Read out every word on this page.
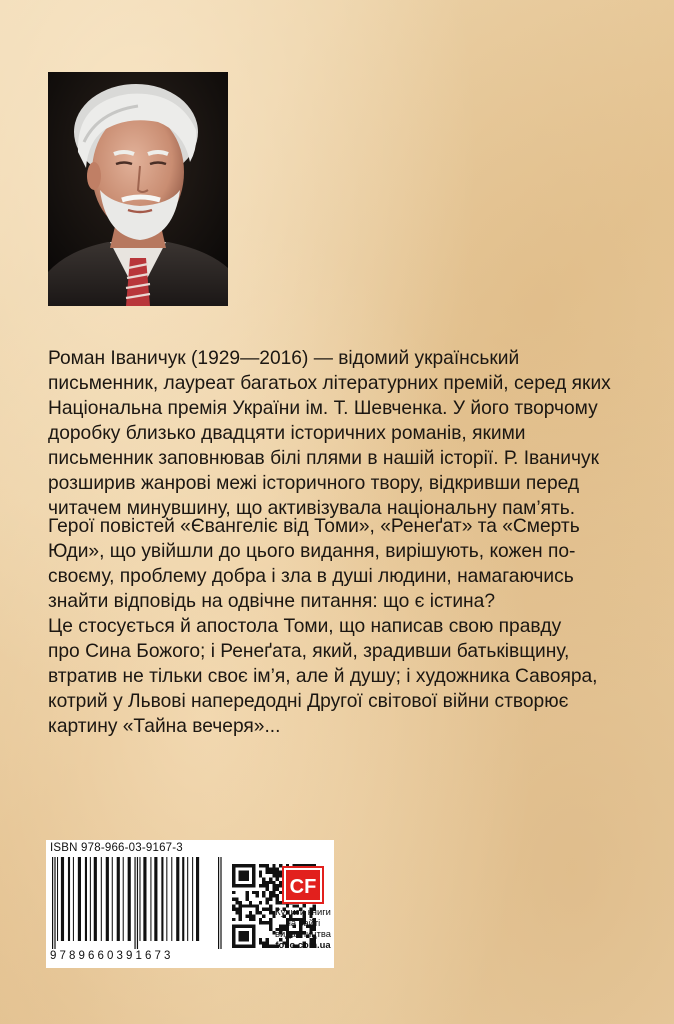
Роман Іваничук (1929—2016) — відомий український
письменник, лауреат багатьох літературних премій, серед яких
Національна премія України ім. Т. Шевченка. У його творчому
доробку близько двадцяти історичних романів, якими
письменник заповнював білі плями в нашій історії. Р. Іваничук
розширив жанрові межі історичного твору, відкривши перед
читачем минувшину, що активізувала національну пам’ять.

Герої повістей «Євангеліє від Томи», «Ренеґат» та «Смерть
Юди», що увійшли до цього видання, вирішують, кожен по-
своєму, проблему добра і зла в душі людини, намагаючись
знайти відповідь на одвічне питання: що є істина?
Це стосується й апостола Томи, що написав свою правду
про Сина Божого; і Ренеґата, який, зрадивши батьківщину,
втратив не тільки своє ім’я, але й душу; і художника Савояра,
котрий у Львові напередодні Другої світової війни створює
картину «Тайна вечеря»...

ISBN 978-966-03-9167-3
9789660391673
CF
Купити книги
на сайті
видавництва
folio.com.ua
